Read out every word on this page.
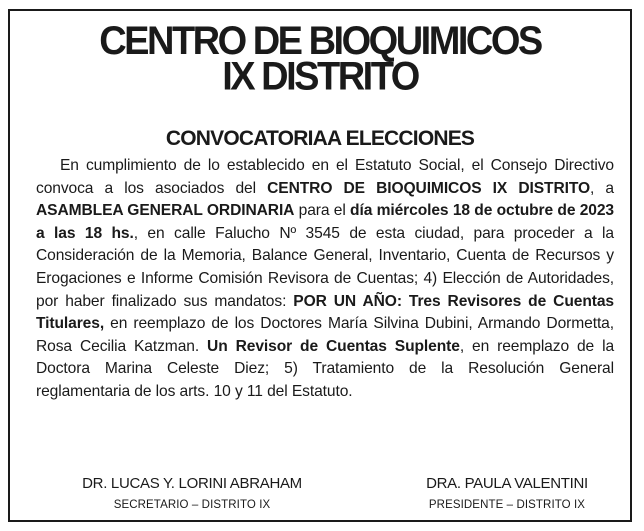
CENTRO DE BIOQUIMICOS
IX DISTRITO
CONVOCATORIAA ELECCIONES

En cumplimiento de lo establecido en el Estatuto Social, el Consejo Directivo convoca a los asociados del CENTRO DE BIOQUIMICOS IX DISTRITO, a ASAMBLEA GENERAL ORDINARIA para el día miércoles 18 de octubre de 2023 a las 18 hs., en calle Falucho Nº 3545 de esta ciudad, para proceder a la Consideración de la Memoria, Balance General, Inventario, Cuenta de Recursos y Erogaciones e Informe Comisión Revisora de Cuentas; 4) Elección de Autoridades, por haber finalizado sus mandatos: POR UN AÑO: Tres Revisores de Cuentas Titulares, en reemplazo de los Doctores María Silvina Dubini, Armando Dormetta, Rosa Cecilia Katzman. Un Revisor de Cuentas Suplente, en reemplazo de la Doctora Marina Celeste Diez; 5) Tratamiento de la Resolución General reglamentaria de los arts. 10 y 11 del Estatuto.

DR. LUCAS Y. LORINI ABRAHAM
SECRETARIO – DISTRITO IX
DRA. PAULA VALENTINI
PRESIDENTE – DISTRITO IX
